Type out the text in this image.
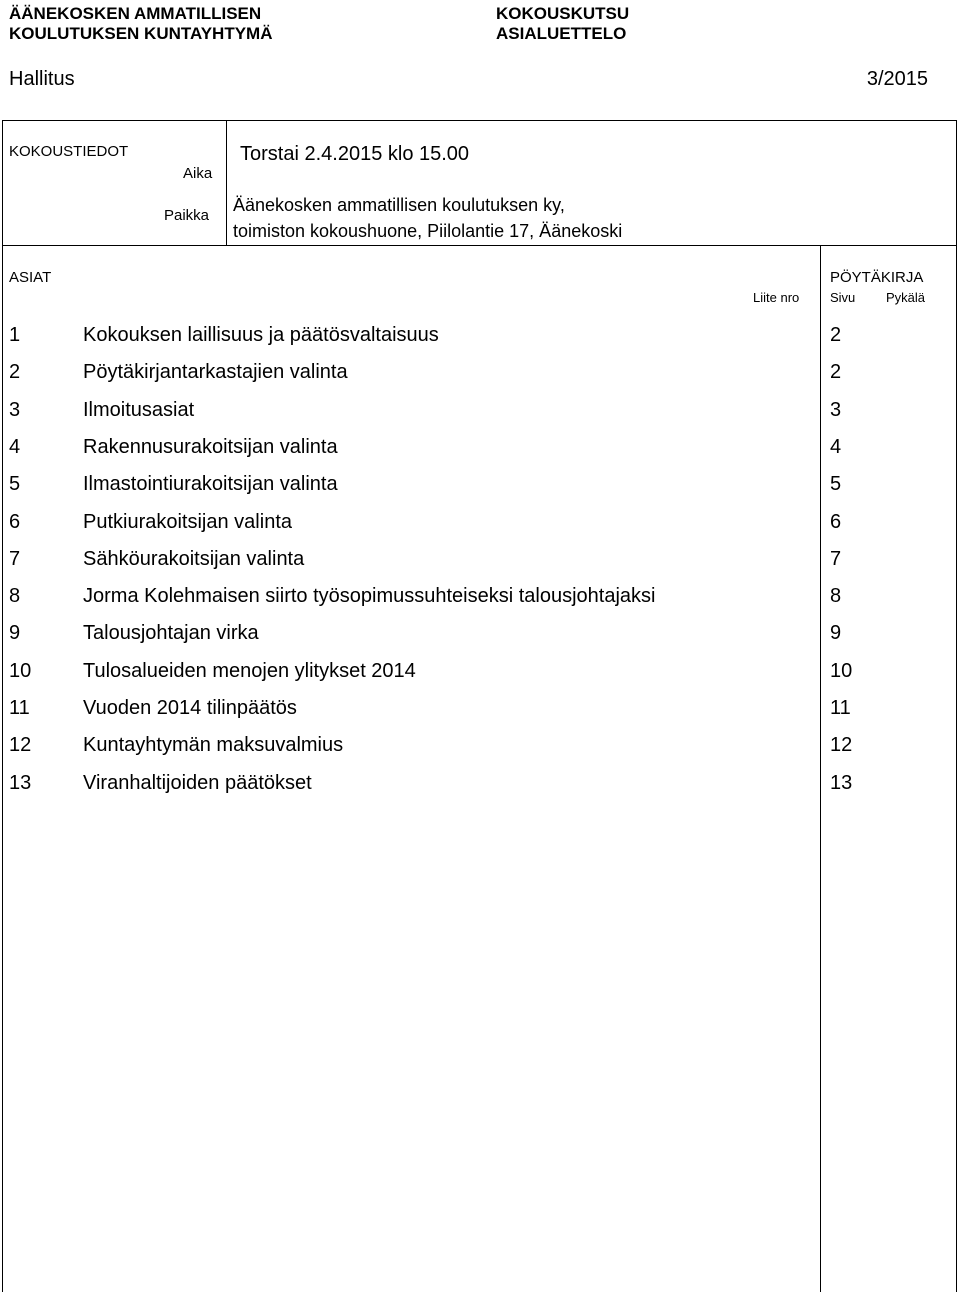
ÄÄNEKOSKEN AMMATILLISEN
KOULUTUKSEN KUNTAYHTYMÄ
KOKOUSKUTSU
ASIALUETTELO
Hallitus	3/2015
KOKOUSTIEDOT
Aika
Torstai 2.4.2015 klo 15.00
Paikka
Äänekosken ammatillisen koulutuksen ky,
toimiston kokoushuone, Piilolantie 17, Äänekoski
ASIAT
Liite nro
PÖYTÄKIRJA
Sivu Pykälä
1	Kokouksen laillisuus ja päätösvaltaisuus	2
2	Pöytäkirjantarkastajien valinta	2
3	Ilmoitusasiat	3
4	Rakennusurakoitsijan valinta	4
5	Ilmastointiurakoitsijan valinta	5
6	Putkiurakoitsijan valinta	6
7	Sähköurakoitsijan valinta	7
8	Jorma Kolehmaisen siirto työsopimussuhteiseksi talousjohtajaksi	8
9	Talousjohtajan virka	9
10	Tulosalueiden menojen ylitykset 2014	10
11	Vuoden 2014 tilinpäätös	11
12	Kuntayhtymän maksuvalmius	12
13	Viranhaltijoiden päätökset	13
